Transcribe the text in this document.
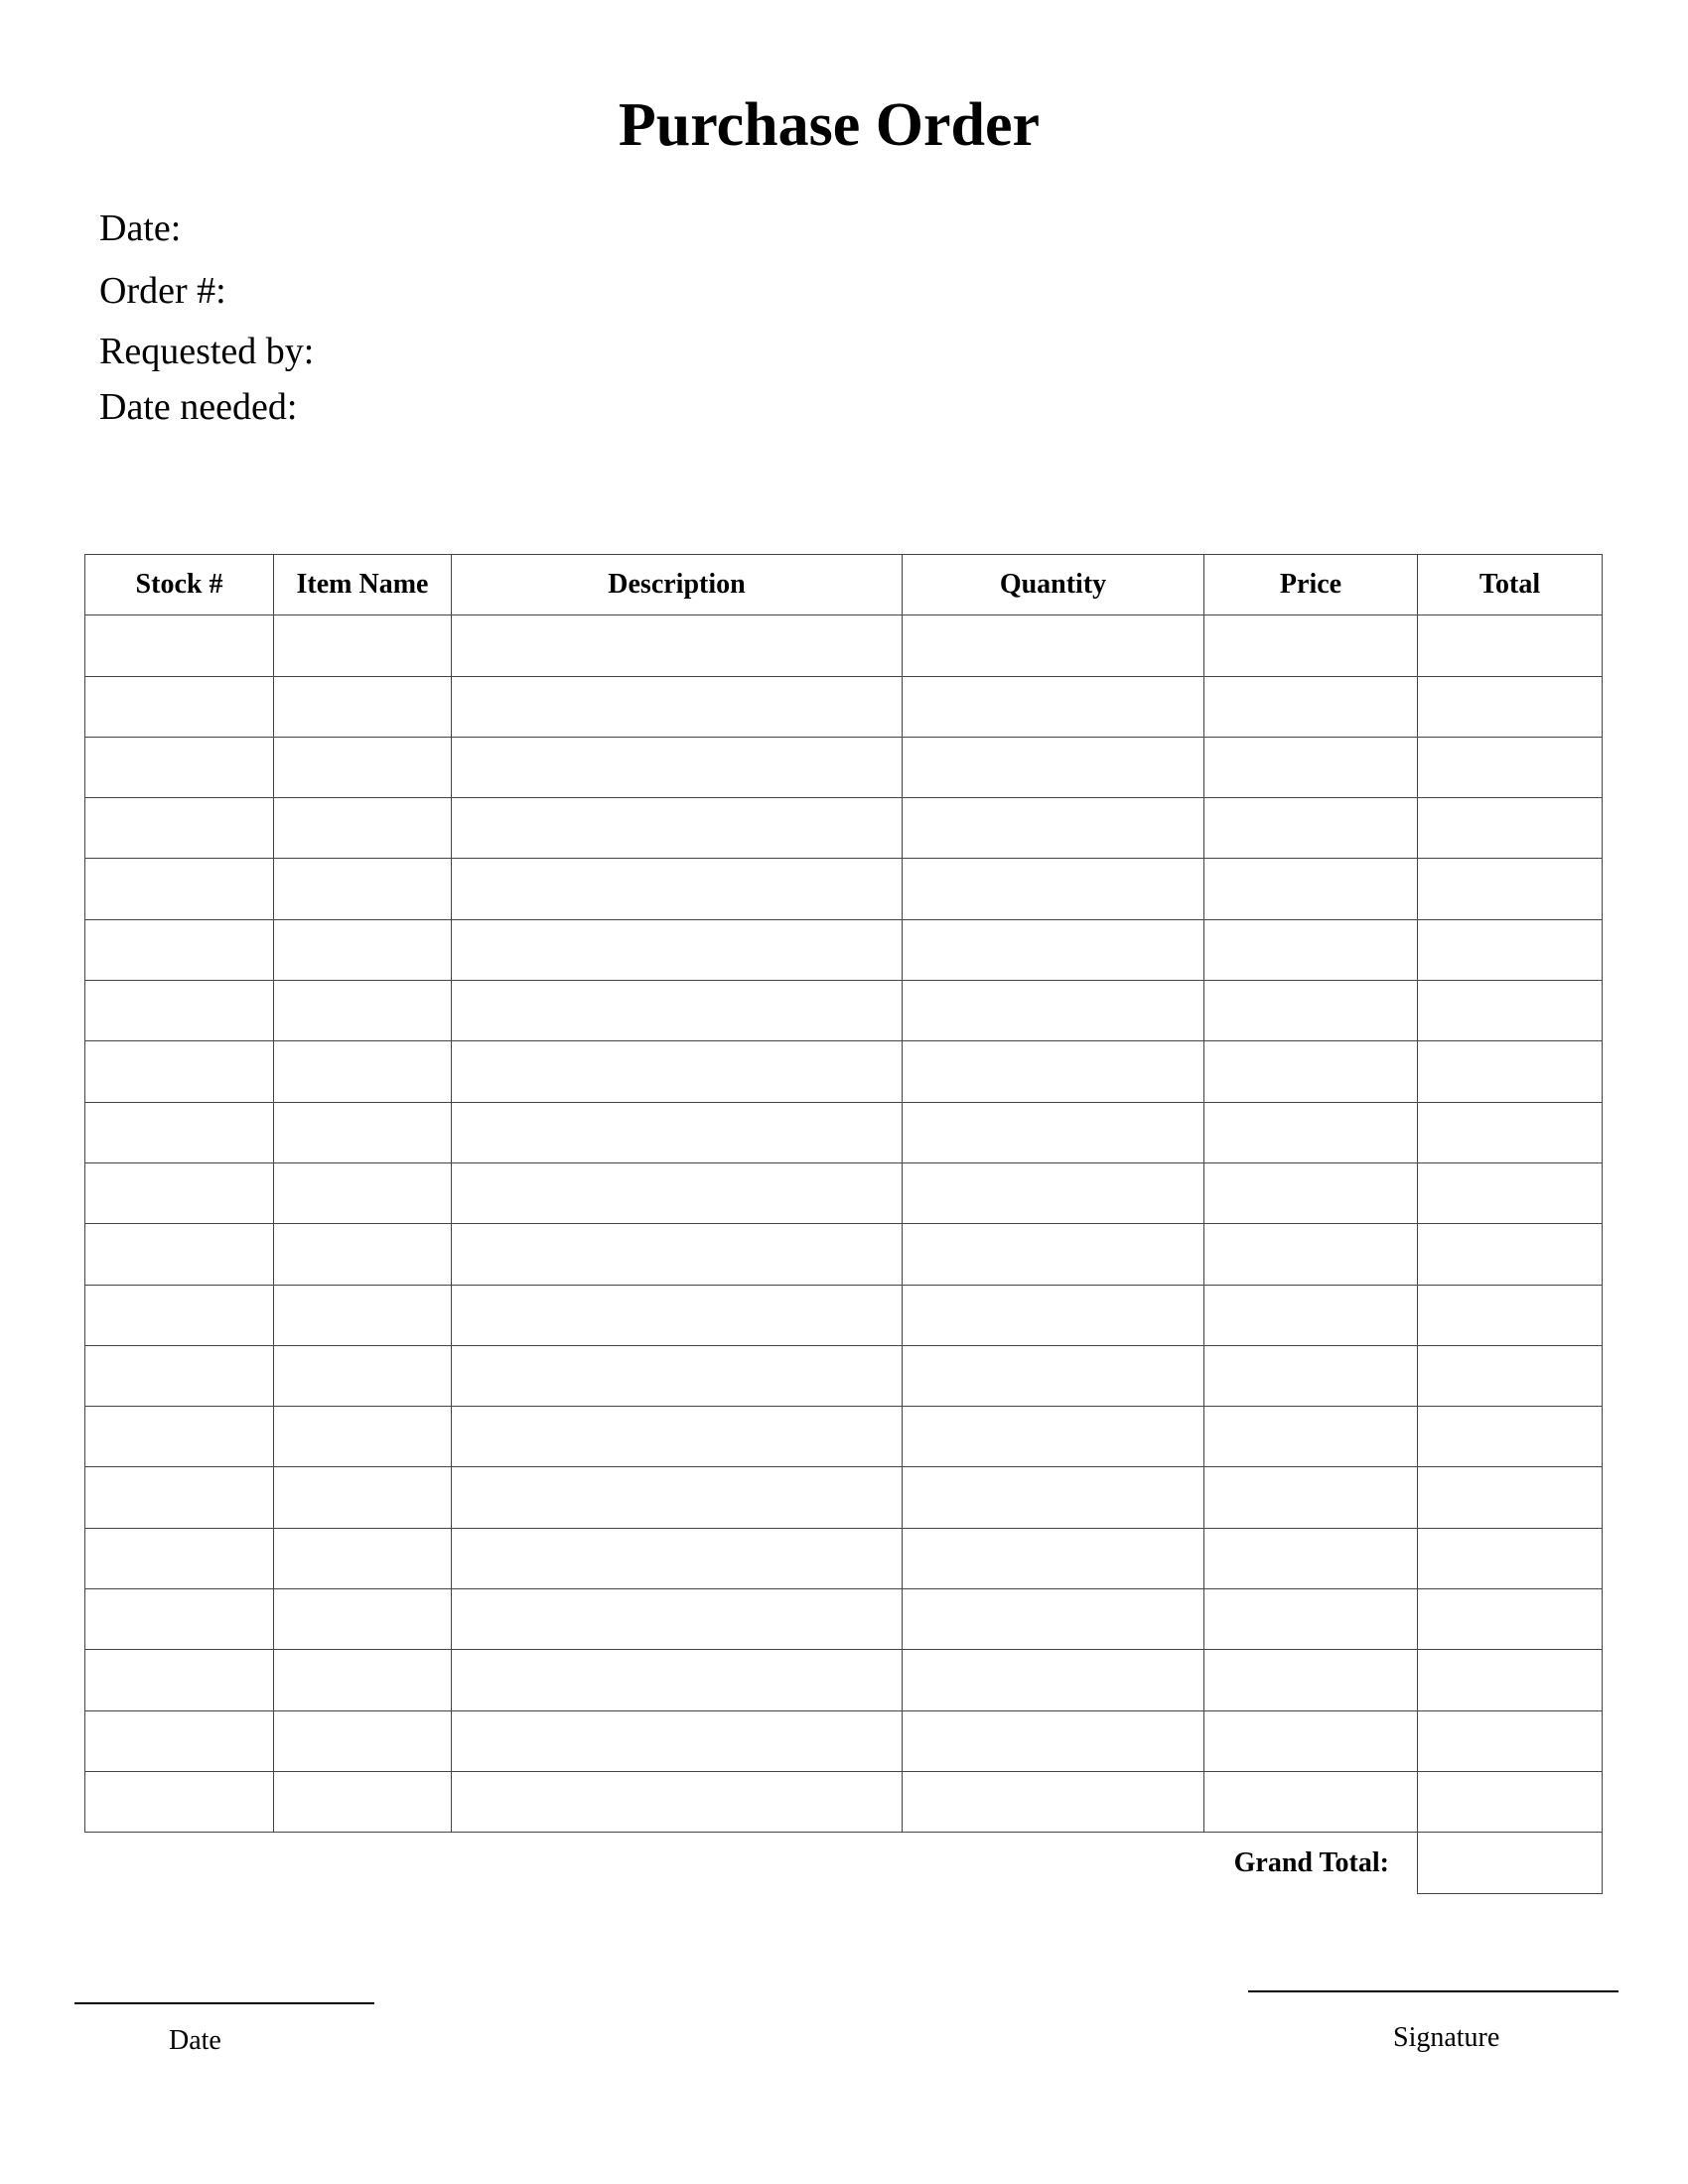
Purchase Order
Date:
Order #:
Requested by:
Date needed:
Stock #	Item Name	Description	Quantity	Price	Total

				Grand Total:	
Date	Signature
